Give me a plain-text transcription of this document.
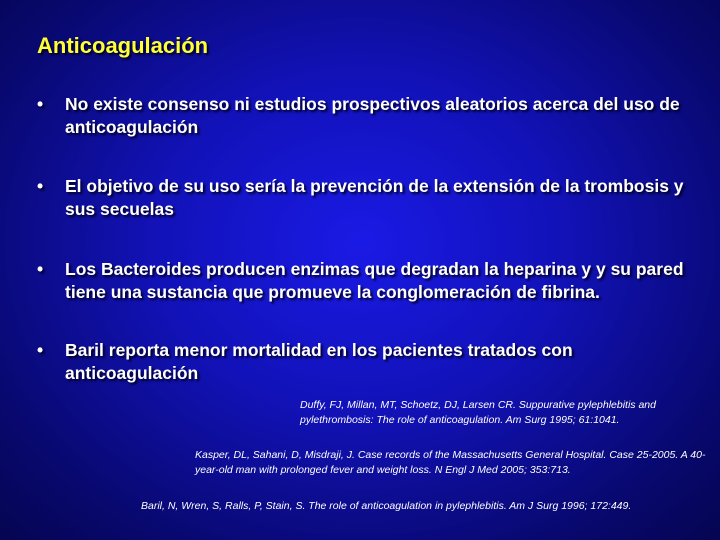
Anticoagulación
• No existe consenso ni estudios prospectivos aleatorios acerca del uso de anticoagulación
• El objetivo de su uso sería la prevención de la extensión de la trombosis y sus secuelas
• Los Bacteroides producen enzimas que degradan la heparina y y su pared tiene una sustancia que promueve la conglomeración de fibrina.
• Baril reporta menor mortalidad en los pacientes tratados con anticoagulación
Duffy, FJ, Millan, MT, Schoetz, DJ, Larsen CR. Suppurative pylephlebitis and pylethrombosis: The role of anticoagulation. Am Surg 1995; 61:1041.
Kasper, DL, Sahani, D, Misdraji, J. Case records of the Massachusetts General Hospital. Case 25-2005. A 40-year-old man with prolonged fever and weight loss. N Engl J Med 2005; 353:713.
Baril, N, Wren, S, Ralls, P, Stain, S. The role of anticoagulation in pylephlebitis. Am J Surg 1996; 172:449.
